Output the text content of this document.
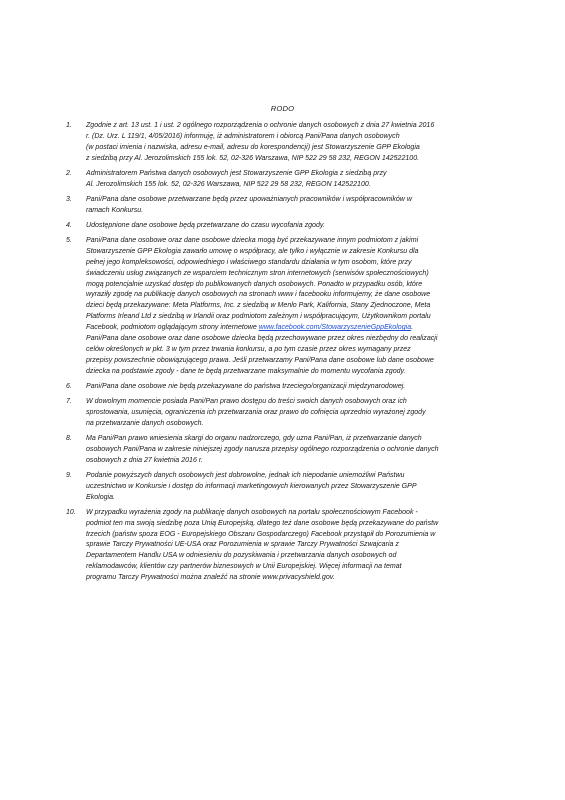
RODO
1. Zgodnie z art. 13 ust. 1 i ust. 2 ogólnego rozporządzenia o ochronie danych osobowych z dnia 27 kwietnia 2016
r. (Dz. Urz. L 119/1, 4/05/2016) informuję, iż administratorem i obiorcą Pani/Pana danych osobowych
(w postaci imienia i nazwiska, adresu e-mail, adresu do korespondencji) jest Stowarzyszenie GPP Ekologia
z siedzibą przy Al. Jerozolimskich 155 lok. 52, 02-326 Warszawa, NIP 522 29 58 232, REGON 142522100.
2. Administratorem Państwa danych osobowych jest Stowarzyszenie GPP Ekologia z siedzibą przy
Al. Jerozolimskich 155 lok. 52, 02-326 Warszawa, NIP 522 29 58 232, REGON 142522100.
3. Pani/Pana dane osobowe przetwarzane będą przez upoważnianych pracowników i współpracowników w
ramach Konkursu.
4. Udostępnione dane osobowe będą przetwarzane do czasu wycofania zgody.
5. Pani/Pana dane osobowe oraz dane osobowe dziecka mogą być przekazywane innym podmiotom z jakimi
Stowarzyszenie GPP Ekologia zawarło umowę o współpracy, ale tylko i wyłącznie w zakresie Konkursu dla
pełnej jego kompleksowości, odpowiedniego i właściwego standardu działania w tym osobom, które przy
świadczeniu usług związanych ze wsparciem technicznym stron internetowych (serwisów społecznościowych)
mogą potencjalnie uzyskać dostęp do publikowanych danych osobowych. Ponadto w przypadku osób, które
wyraziły zgodę na publikację danych osobowych na stronach www i facebooku informujemy, że dane osobowe
dzieci będą przekazywane: Meta Platforms, Inc. z siedzibą w Menlo Park, Kalifornia, Stany Zjednoczone, Meta
Platforms Irleand Ltd z siedzibą w Irlandii oraz podmiotom zależnym i współpracującym, Użytkownikom portalu
Facebook, podmiotom oglądającym strony internetowe www.facebook.com/StowarzyszenieGppEkologia.
Pani/Pana dane osobowe oraz dane osobowe dziecka będą przechowywane przez okres niezbędny do realizacji
celów określonych w pkt. 3 w tym przez trwania konkursu, a po tym czasie przez okres wymagany przez
przepisy powszechnie obowiązującego prawa. Jeśli przetwarzamy Pani/Pana dane osobowe lub dane osobowe
dziecka na podstawie zgody - dane te będą przetwarzane maksymalnie do momentu wycofania zgody.
6. Pani/Pana dane osobowe nie będą przekazywane do państwa trzeciego/organizacji międzynarodowej.
7. W dowolnym momencie posiada Pani/Pan prawo dostępu do treści swoich danych osobowych oraz ich
sprostowania, usunięcia, ograniczenia ich przetwarzania oraz prawo do cofnięcia uprzednio wyrażonej zgody
na przetwarzanie danych osobowych.
8. Ma Pani/Pan prawo wniesienia skargi do organu nadzorczego, gdy uzna Pani/Pan, iż przetwarzanie danych
osobowych Pani/Pana w zakresie niniejszej zgody narusza przepisy ogólnego rozporządzenia o ochronie danych
osobowych z dnia 27 kwietnia 2016 r.
9. Podanie powyższych danych osobowych jest dobrowolne, jednak ich niepodanie uniemożliwi Państwu
uczestnictwo w Konkursie i dostęp do informacji marketingowych kierowanych przez Stowarzyszenie GPP
Ekologia.
10. W przypadku wyrażenia zgody na publikację danych osobowych na portalu społecznościowym Facebook -
podmiot ten ma swoją siedzibę poza Unią Europejską, dlatego też dane osobowe będą przekazywane do państw
trzecich (państw spoza EOG - Europejskiego Obszaru Gospodarczego) Facebook przystąpił do Porozumienia w
sprawie Tarczy Prywatności UE-USA oraz Porozumienia w sprawie Tarczy Prywatności Szwajcaria z
Departamentem Handlu USA w odniesieniu do pozyskiwania i przetwarzania danych osobowych od
reklamodawców, klientów czy partnerów biznesowych w Unii Europejskiej. Więcej informacji na temat
programu Tarczy Prywatności można znaleźć na stronie www.privacyshield.gov.
